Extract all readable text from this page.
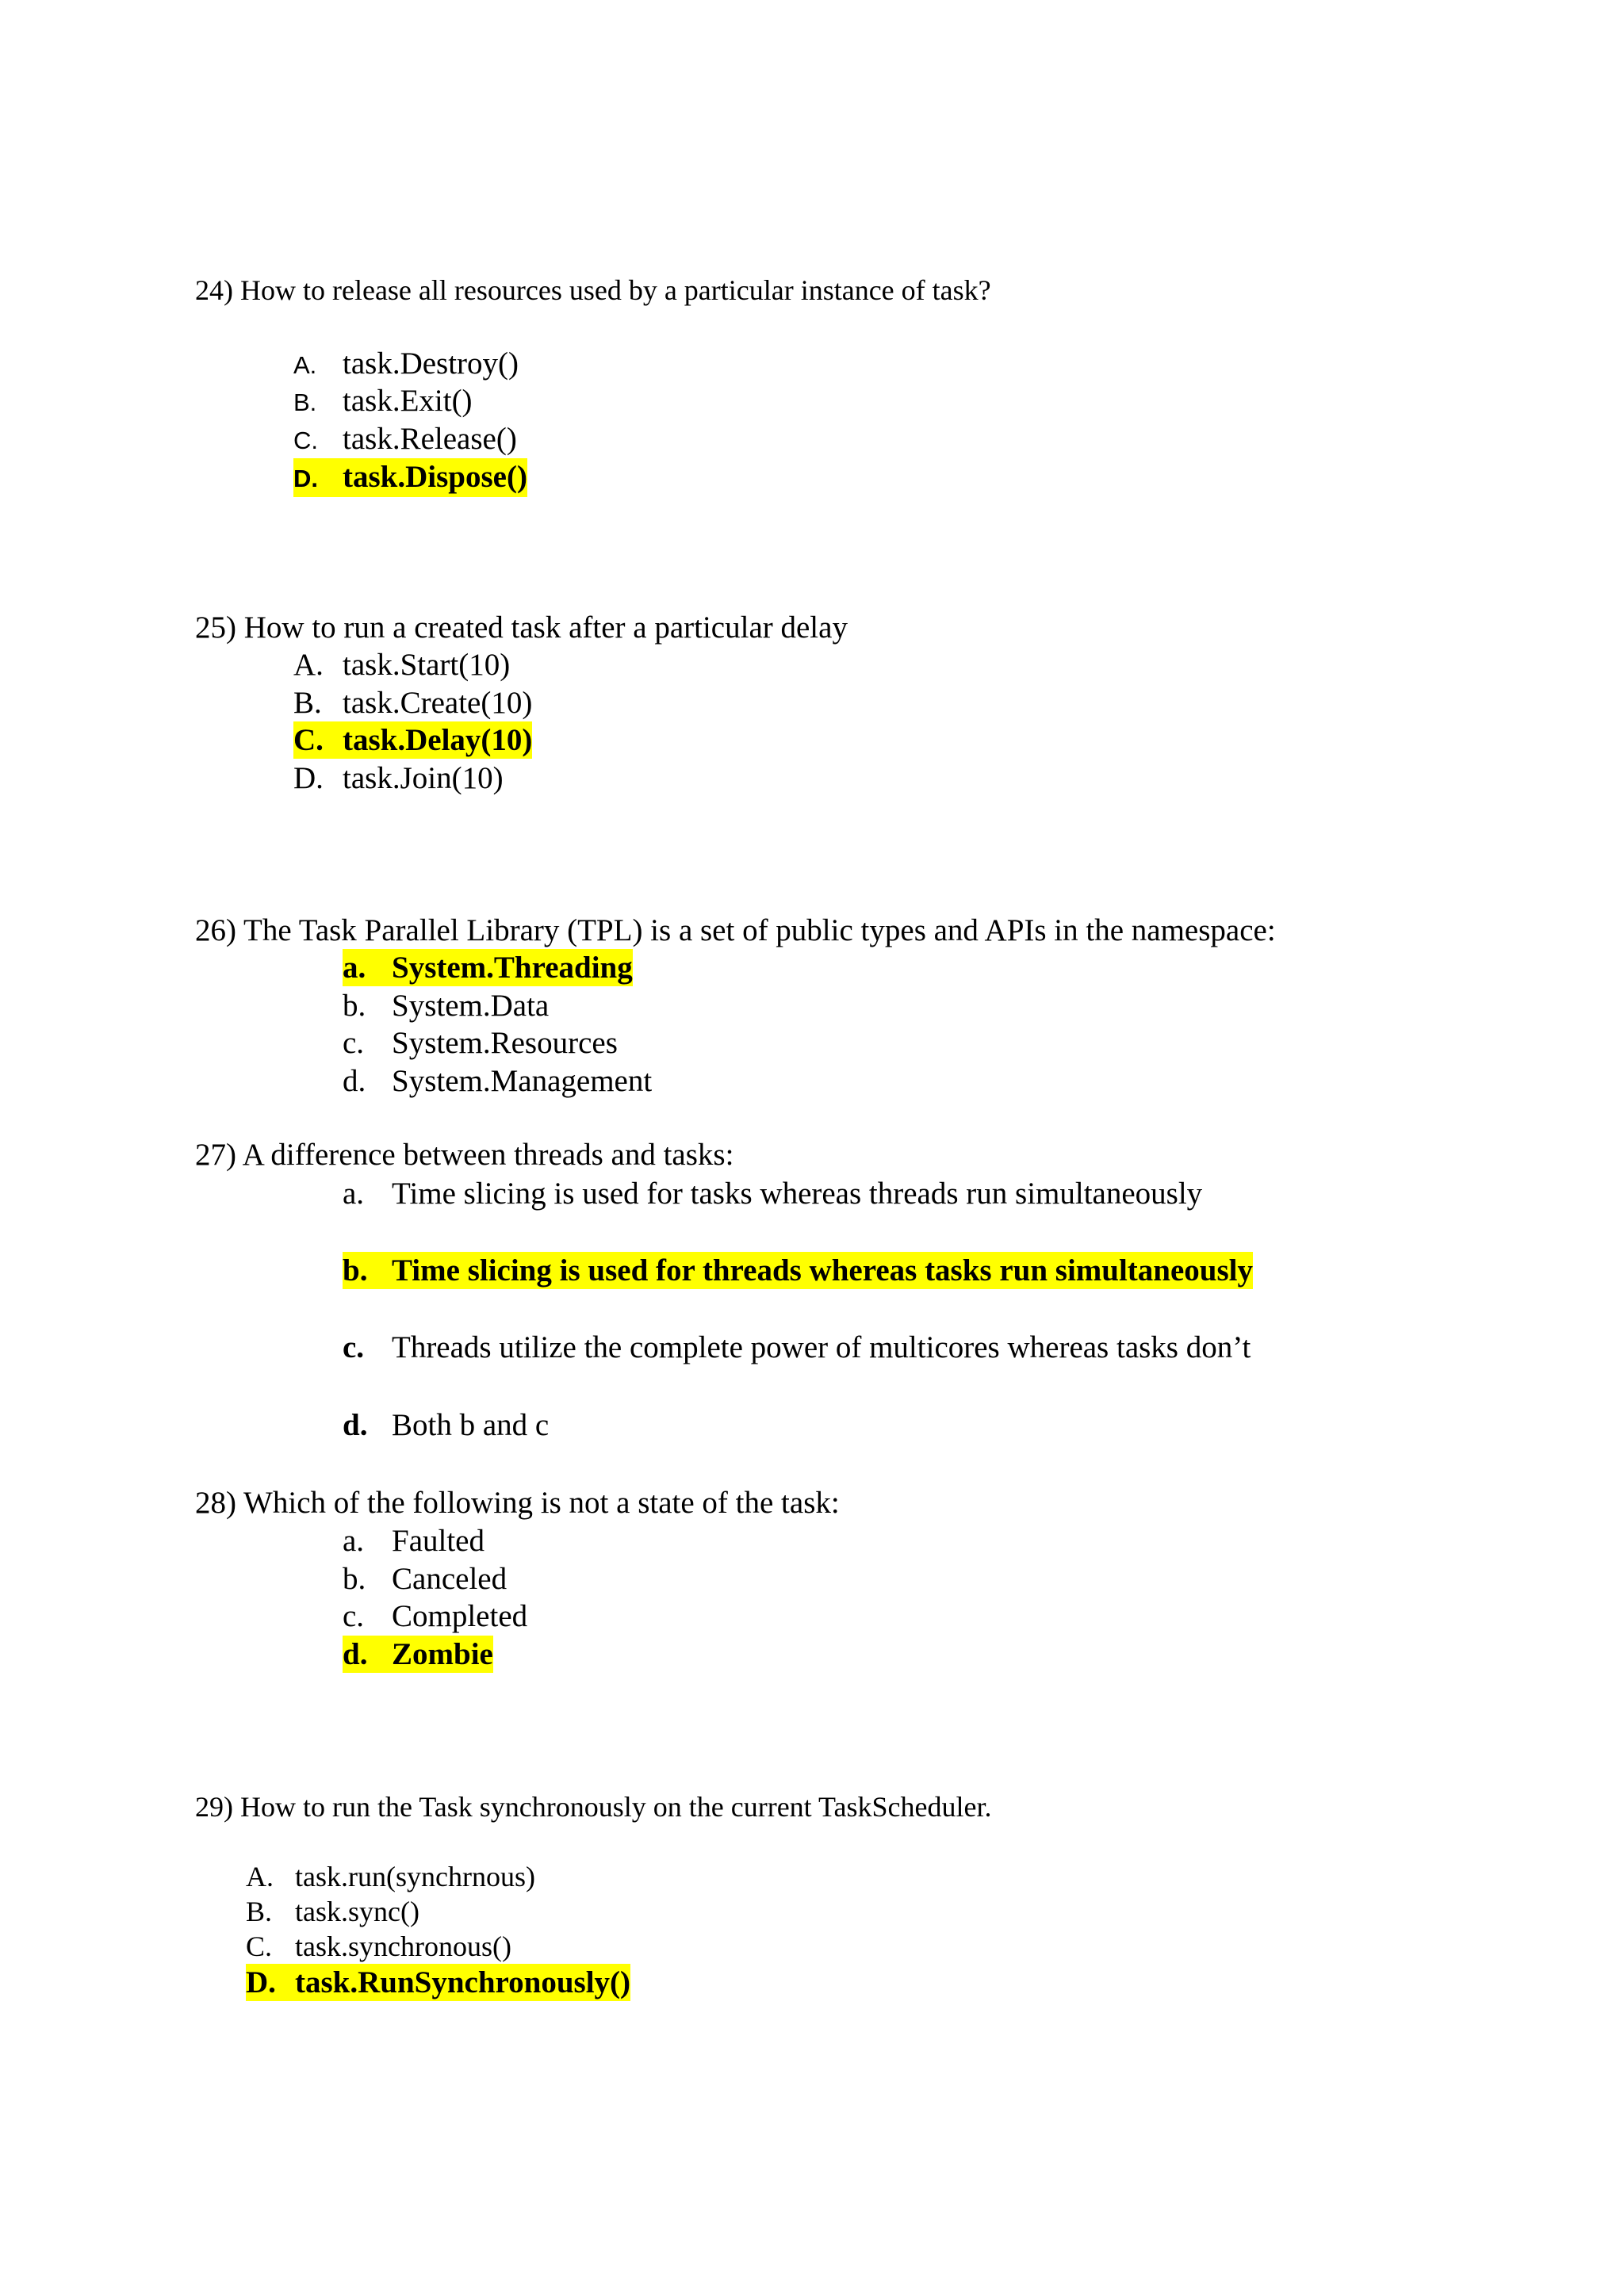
24) How to release all resources used by a particular instance of task?
A. task.Destroy()
B. task.Exit()
C. task.Release()
D. task.Dispose()
25) How to run a created task after a particular delay
A. task.Start(10)
B. task.Create(10)
C. task.Delay(10)
D. task.Join(10)
26) The Task Parallel Library (TPL) is a set of public types and APIs in the namespace:
a. System.Threading
b. System.Data
c. System.Resources
d. System.Management
27) A difference between threads and tasks:
a. Time slicing is used for tasks whereas threads run simultaneously
b. Time slicing is used for threads whereas tasks run simultaneously
c. Threads utilize the complete power of multicores whereas tasks don’t
d. Both b and c
28) Which of the following is not a state of the task:
a. Faulted
b. Canceled
c. Completed
d. Zombie
29) How to run the Task synchronously on the current TaskScheduler.
A. task.run(synchrnous)
B. task.sync()
C. task.synchronous()
D. task.RunSynchronously()
